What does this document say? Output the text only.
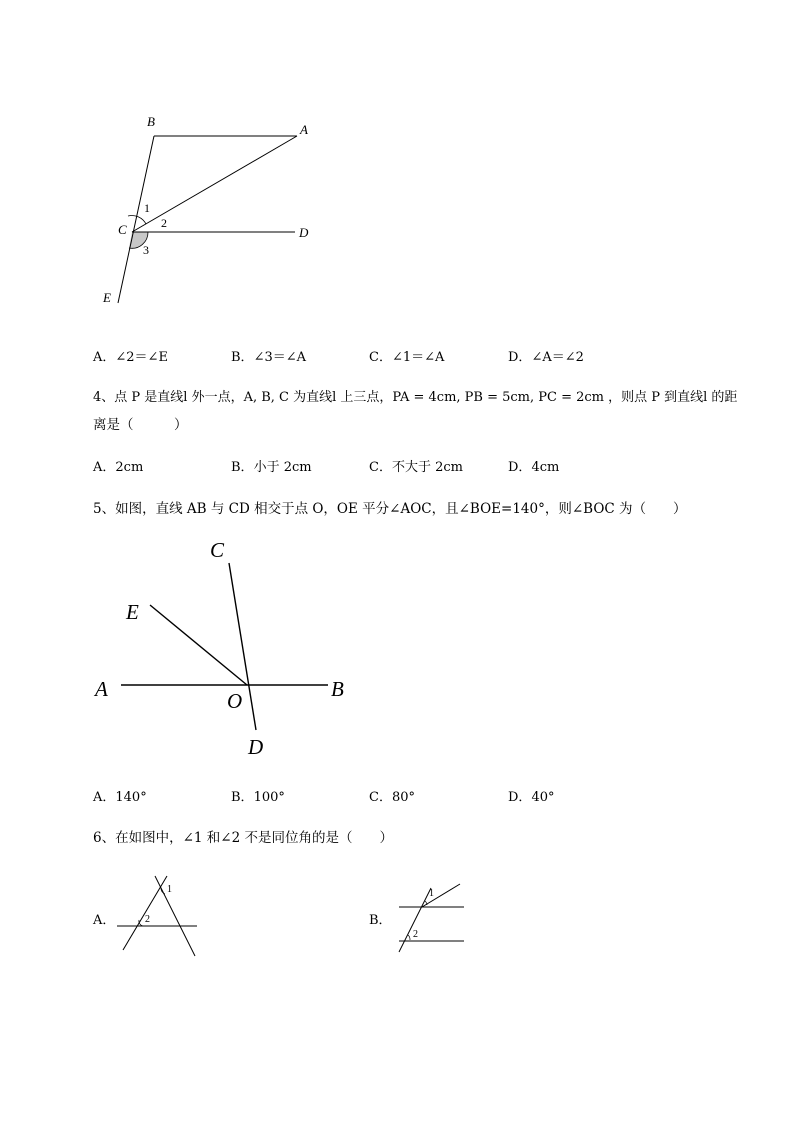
B
A
C	D
E
1
2
3
A．∠2＝∠E	B．∠3＝∠A	C．∠1＝∠A	D．∠A＝∠2
4、点 P 是直线l 外一点，A, B, C 为直线l 上三点，PA = 4cm, PB = 5cm, PC = 2cm ，则点 P 到直线l 的距
离是（　　　）
A．2cm	B．小于 2cm	C．不大于 2cm	D．4cm
5、如图，直线 AB 与 CD 相交于点 O，OE 平分∠AOC，且∠BOE=140°，则∠BOC 为（　　）
C
E
A	O	B
D
A．140°	B．100°	C．80°	D．40°
6、在如图中，∠1 和∠2 不是同位角的是（　　）
A．
1
2	B．
1
2
